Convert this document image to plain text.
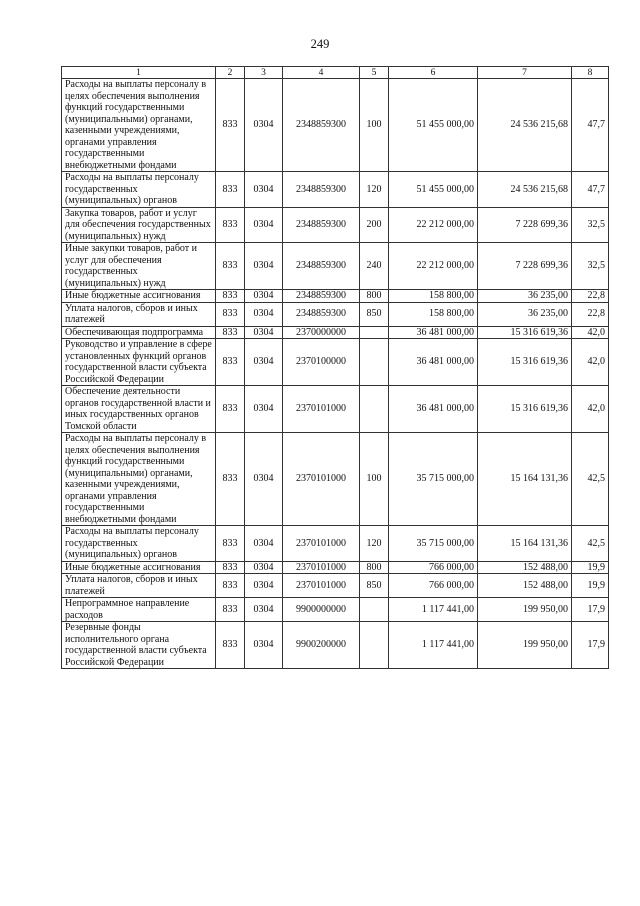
249
1	2	3	4	5	6	7	8
Расходы на выплаты персоналу в целях обеспечения выполнения функций государственными (муниципальными) органами, казенными учреждениями, органами управления государственными внебюджетными фондами	833	0304	2348859300	100	51 455 000,00	24 536 215,68	47,7
Расходы на выплаты персоналу государственных (муниципальных) органов	833	0304	2348859300	120	51 455 000,00	24 536 215,68	47,7
Закупка товаров, работ и услуг для обеспечения государственных (муниципальных) нужд	833	0304	2348859300	200	22 212 000,00	7 228 699,36	32,5
Иные закупки товаров, работ и услуг для обеспечения государственных (муниципальных) нужд	833	0304	2348859300	240	22 212 000,00	7 228 699,36	32,5
Иные бюджетные ассигнования	833	0304	2348859300	800	158 800,00	36 235,00	22,8
Уплата налогов, сборов и иных платежей	833	0304	2348859300	850	158 800,00	36 235,00	22,8
Обеспечивающая подпрограмма	833	0304	2370000000		36 481 000,00	15 316 619,36	42,0
Руководство и управление в сфере установленных функций органов государственной власти субъекта Российской Федерации	833	0304	2370100000		36 481 000,00	15 316 619,36	42,0
Обеспечение деятельности органов государственной власти и иных государственных органов Томской области	833	0304	2370101000		36 481 000,00	15 316 619,36	42,0
Расходы на выплаты персоналу в целях обеспечения выполнения функций государственными (муниципальными) органами, казенными учреждениями, органами управления государственными внебюджетными фондами	833	0304	2370101000	100	35 715 000,00	15 164 131,36	42,5
Расходы на выплаты персоналу государственных (муниципальных) органов	833	0304	2370101000	120	35 715 000,00	15 164 131,36	42,5
Иные бюджетные ассигнования	833	0304	2370101000	800	766 000,00	152 488,00	19,9
Уплата налогов, сборов и иных платежей	833	0304	2370101000	850	766 000,00	152 488,00	19,9
Непрограммное направление расходов	833	0304	9900000000		1 117 441,00	199 950,00	17,9
Резервные фонды исполнительного органа государственной власти субъекта Российской Федерации	833	0304	9900200000		1 117 441,00	199 950,00	17,9
